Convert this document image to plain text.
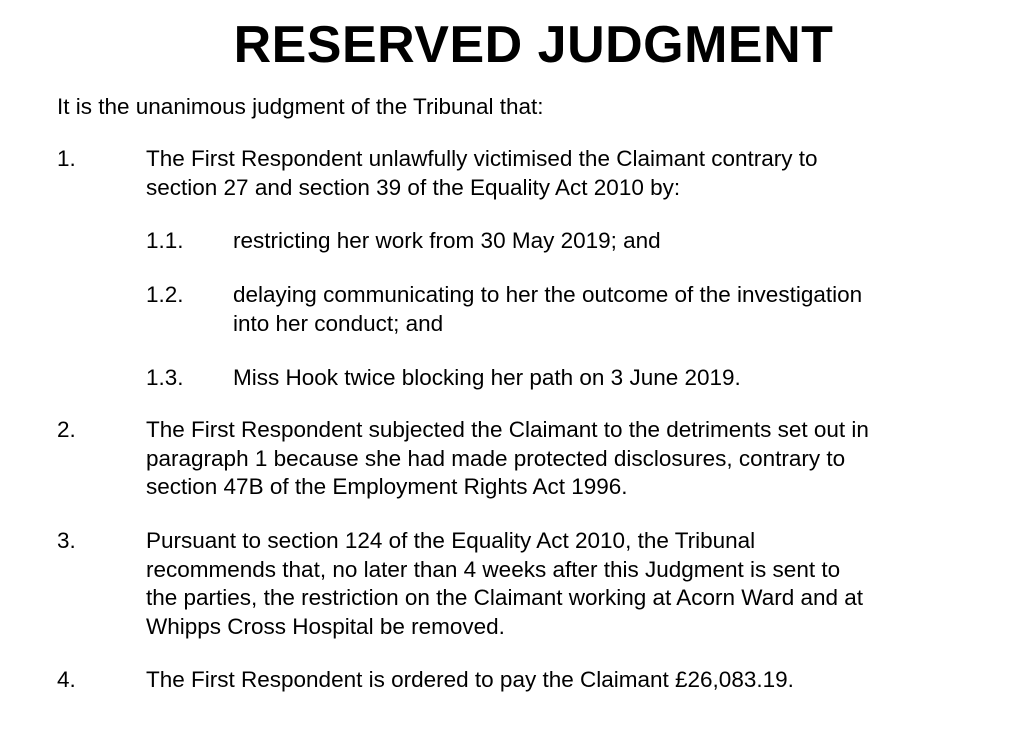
RESERVED JUDGMENT
It is the unanimous judgment of the Tribunal that:
1.	The First Respondent unlawfully victimised the Claimant contrary to
section 27 and section 39 of the Equality Act 2010 by:
1.1. restricting her work from 30 May 2019; and
1.2. delaying communicating to her the outcome of the investigation
into her conduct; and
1.3. Miss Hook twice blocking her path on 3 June 2019.
2.	The First Respondent subjected the Claimant to the detriments set out in
paragraph 1 because she had made protected disclosures, contrary to
section 47B of the Employment Rights Act 1996.
3.	Pursuant to section 124 of the Equality Act 2010, the Tribunal
recommends that, no later than 4 weeks after this Judgment is sent to
the parties, the restriction on the Claimant working at Acorn Ward and at
Whipps Cross Hospital be removed.
4.	The First Respondent is ordered to pay the Claimant £26,083.19.
